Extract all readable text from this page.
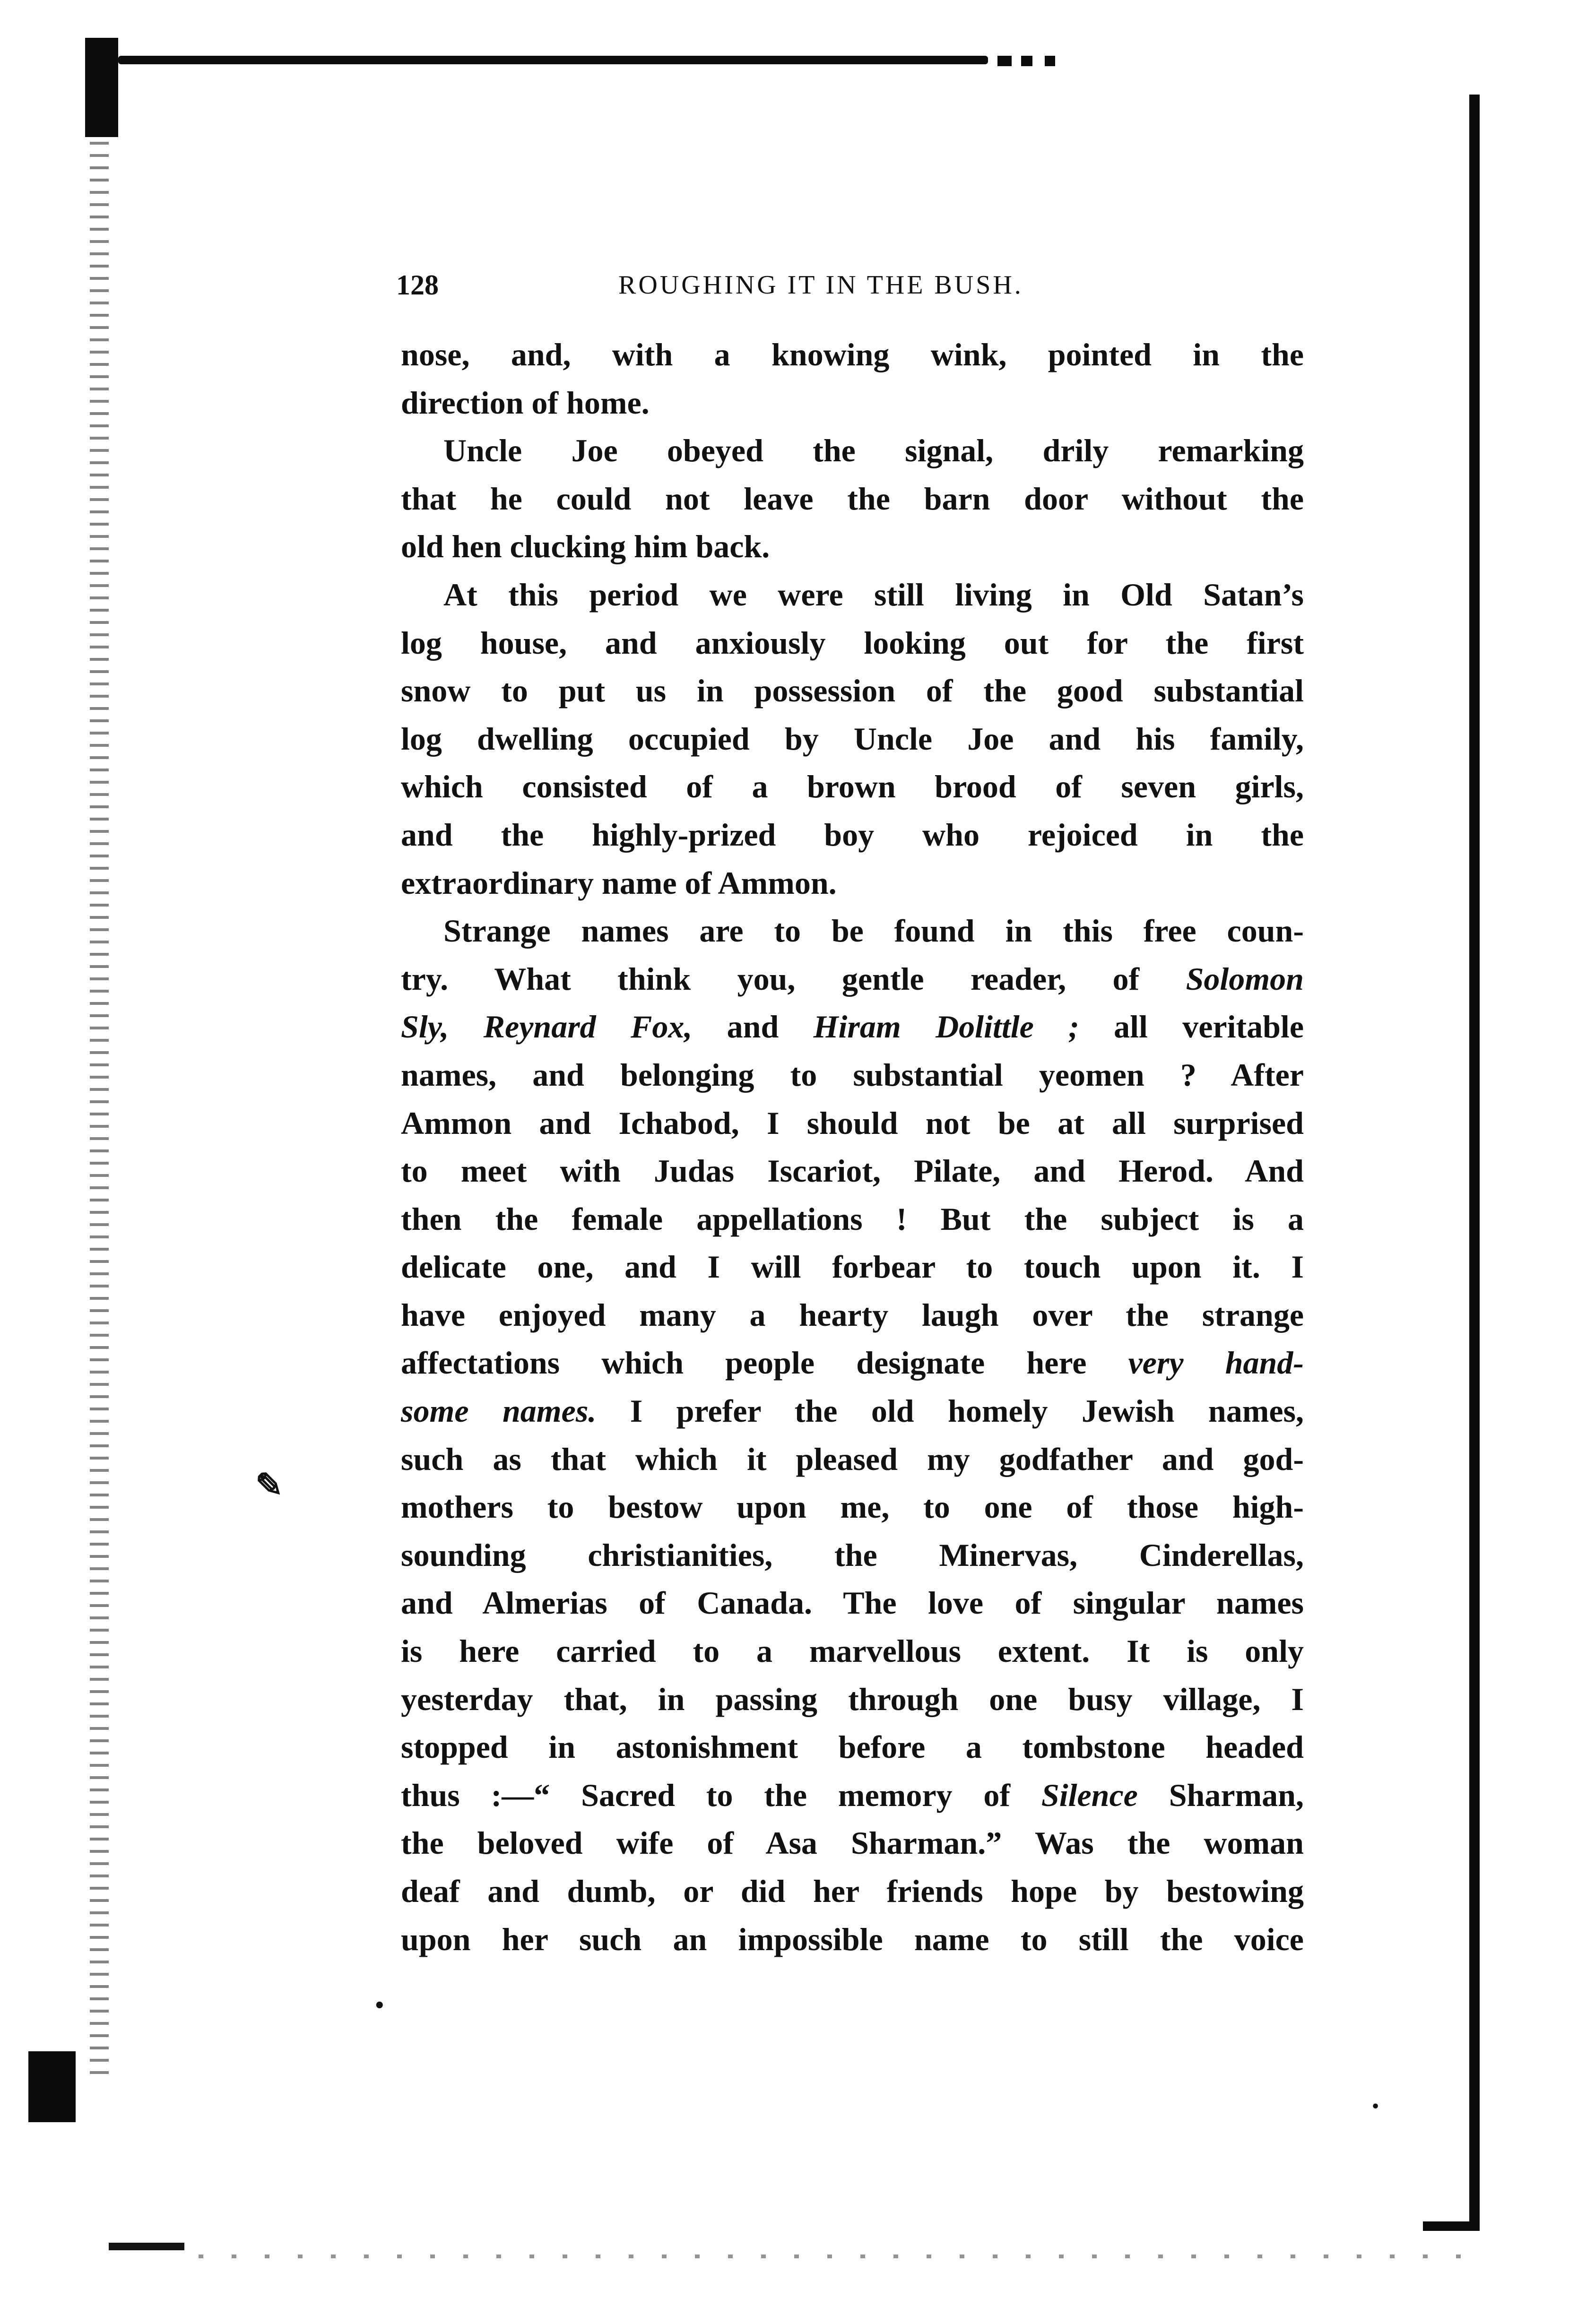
✎
•
•
128	ROUGHING IT IN THE BUSH.
nose, and, with a knowing wink, pointed in the
direction of home.
Uncle Joe obeyed the signal, drily remarking
that he could not leave the barn door without the
old hen clucking him back.
At this period we were still living in Old Satan’s
log house, and anxiously looking out for the first
snow to put us in possession of the good substantial
log dwelling occupied by Uncle Joe and his family,
which consisted of a brown brood of seven girls,
and the highly-prized boy who rejoiced in the
extraordinary name of Ammon.
Strange names are to be found in this free coun-
try. What think you, gentle reader, of Solomon
Sly, Reynard Fox, and Hiram Dolittle ; all veritable
names, and belonging to substantial yeomen ? After
Ammon and Ichabod, I should not be at all surprised
to meet with Judas Iscariot, Pilate, and Herod. And
then the female appellations ! But the subject is a
delicate one, and I will forbear to touch upon it. I
have enjoyed many a hearty laugh over the strange
affectations which people designate here very hand-
some names. I prefer the old homely Jewish names,
such as that which it pleased my godfather and god-
mothers to bestow upon me, to one of those high-
sounding christianities, the Minervas, Cinderellas,
and Almerias of Canada. The love of singular names
is here carried to a marvellous extent. It is only
yesterday that, in passing through one busy village, I
stopped in astonishment before a tombstone headed
thus :—“ Sacred to the memory of Silence Sharman,
the beloved wife of Asa Sharman.” Was the woman
deaf and dumb, or did her friends hope by bestowing
upon her such an impossible name to still the voice
